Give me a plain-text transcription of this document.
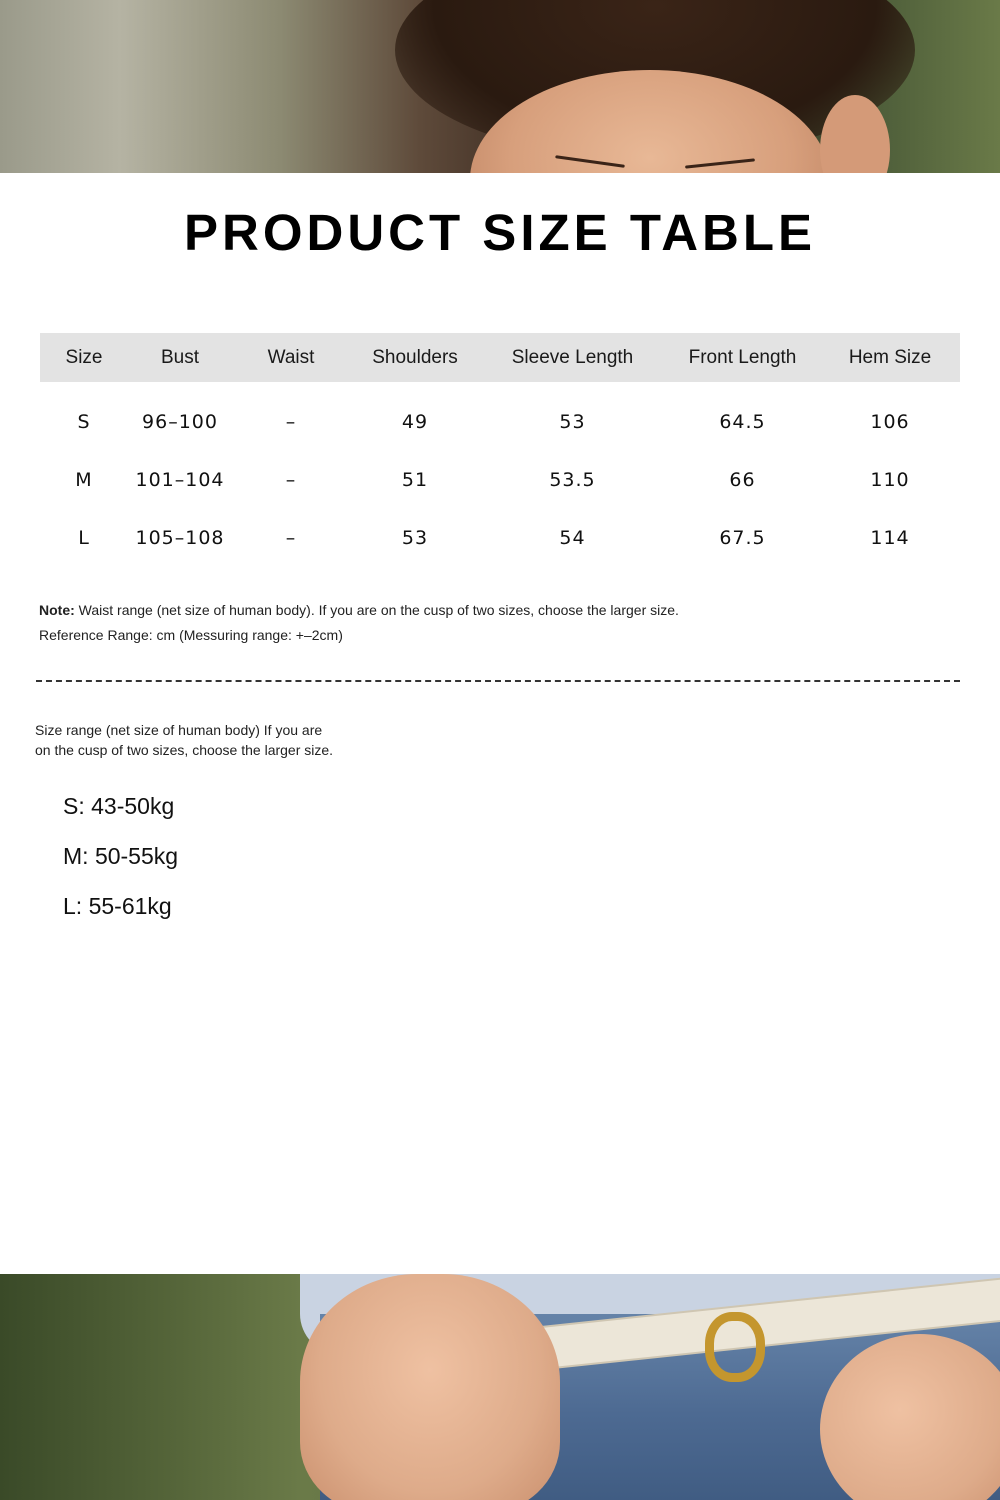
PRODUCT SIZE TABLE
Size	Bust	Waist	Shoulders	Sleeve Length	Front Length	Hem Size
S	96–100	–	49	53	64.5	106
M	101–104	–	51	53.5	66	110
L	105–108	–	53	54	67.5	114
Note: Waist range (net size of human body). If you are on the cusp of two sizes, choose the larger size.
Reference Range: cm (Messuring range: +–2cm)
Size range (net size of human body) If you are
on the cusp of two sizes, choose the larger size.
S: 43-50kg
M: 50-55kg
L: 55-61kg
